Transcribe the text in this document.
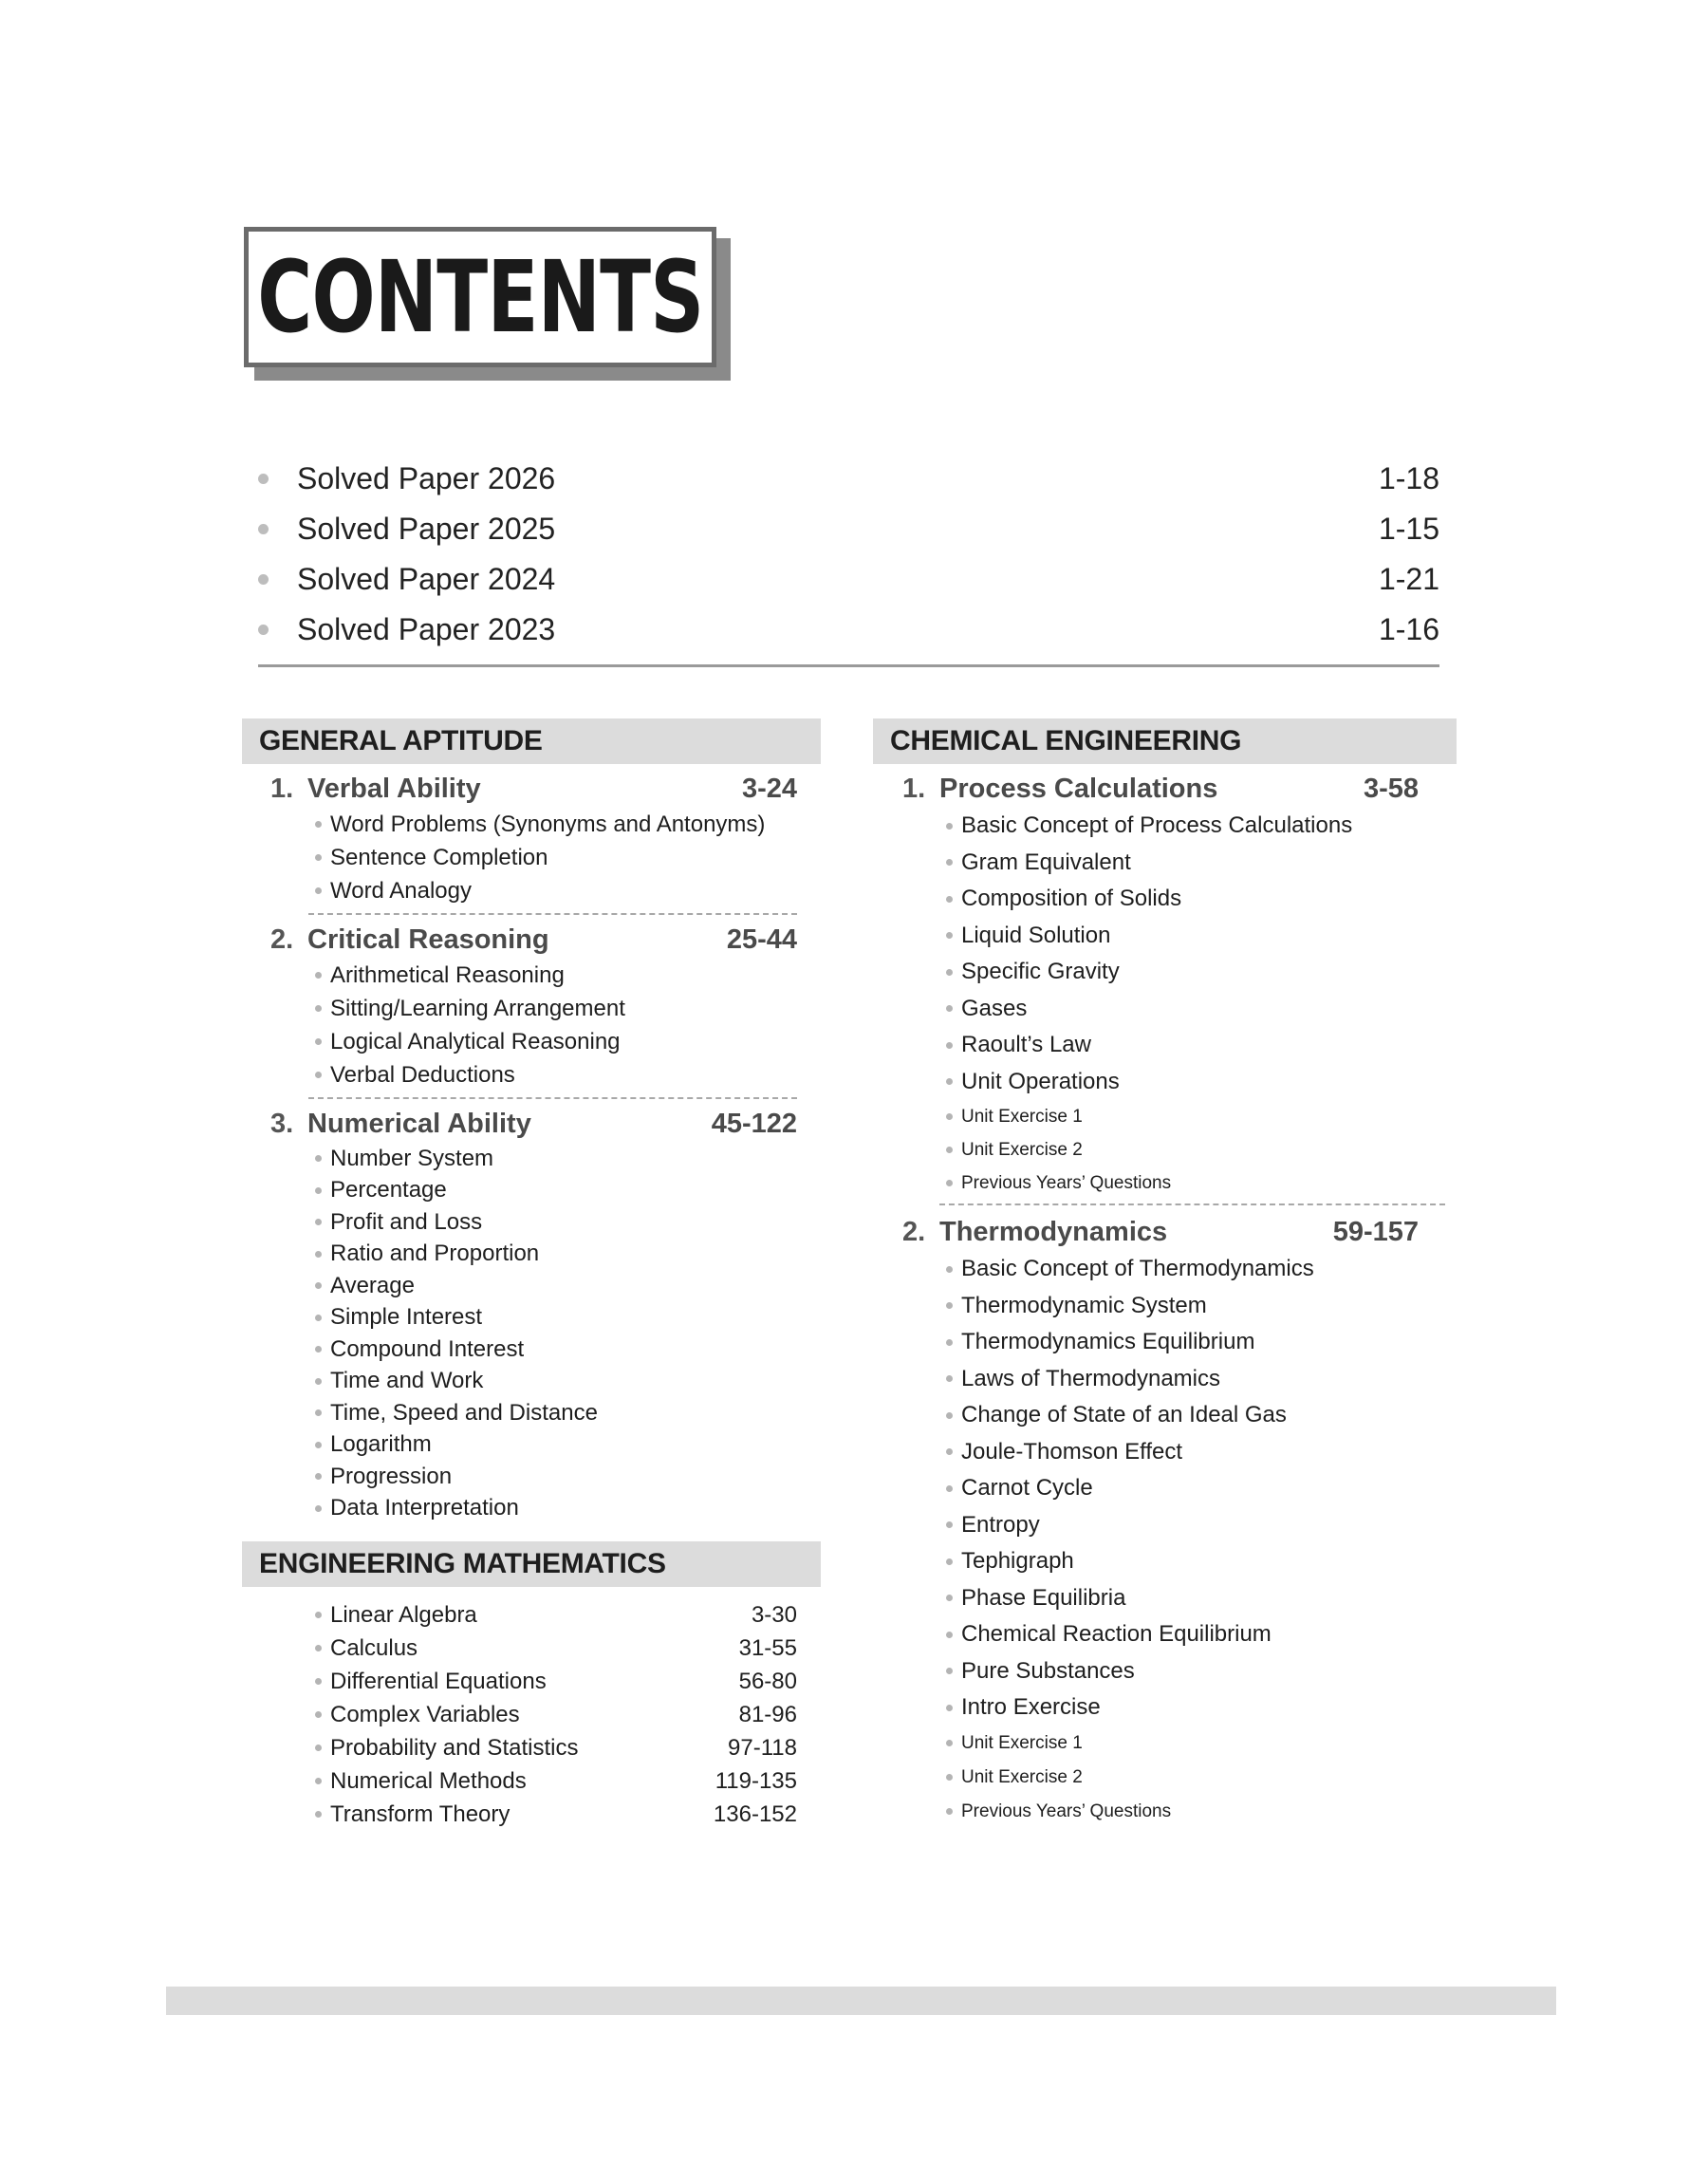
CONTENTS
Solved Paper 2026	1-18
Solved Paper 2025	1-15
Solved Paper 2024	1-21
Solved Paper 2023	1-16
GENERAL APTITUDE
1. Verbal Ability	3-24
Word Problems (Synonyms and Antonyms)
Sentence Completion
Word Analogy
2. Critical Reasoning	25-44
Arithmetical Reasoning
Sitting/Learning Arrangement
Logical Analytical Reasoning
Verbal Deductions
3. Numerical Ability	45-122
Number System
Percentage
Profit and Loss
Ratio and Proportion
Average
Simple Interest
Compound Interest
Time and Work
Time, Speed and Distance
Logarithm
Progression
Data Interpretation
ENGINEERING MATHEMATICS
Linear Algebra	3-30
Calculus	31-55
Differential Equations	56-80
Complex Variables	81-96
Probability and Statistics	97-118
Numerical Methods	119-135
Transform Theory	136-152
CHEMICAL ENGINEERING
1. Process Calculations	3-58
Basic Concept of Process Calculations
Gram Equivalent
Composition of Solids
Liquid Solution
Specific Gravity
Gases
Raoult’s Law
Unit Operations
Unit Exercise 1
Unit Exercise 2
Previous Years’ Questions
2. Thermodynamics	59-157
Basic Concept of Thermodynamics
Thermodynamic System
Thermodynamics Equilibrium
Laws of Thermodynamics
Change of State of an Ideal Gas
Joule-Thomson Effect
Carnot Cycle
Entropy
Tephigraph
Phase Equilibria
Chemical Reaction Equilibrium
Pure Substances
Intro Exercise
Unit Exercise 1
Unit Exercise 2
Previous Years’ Questions
